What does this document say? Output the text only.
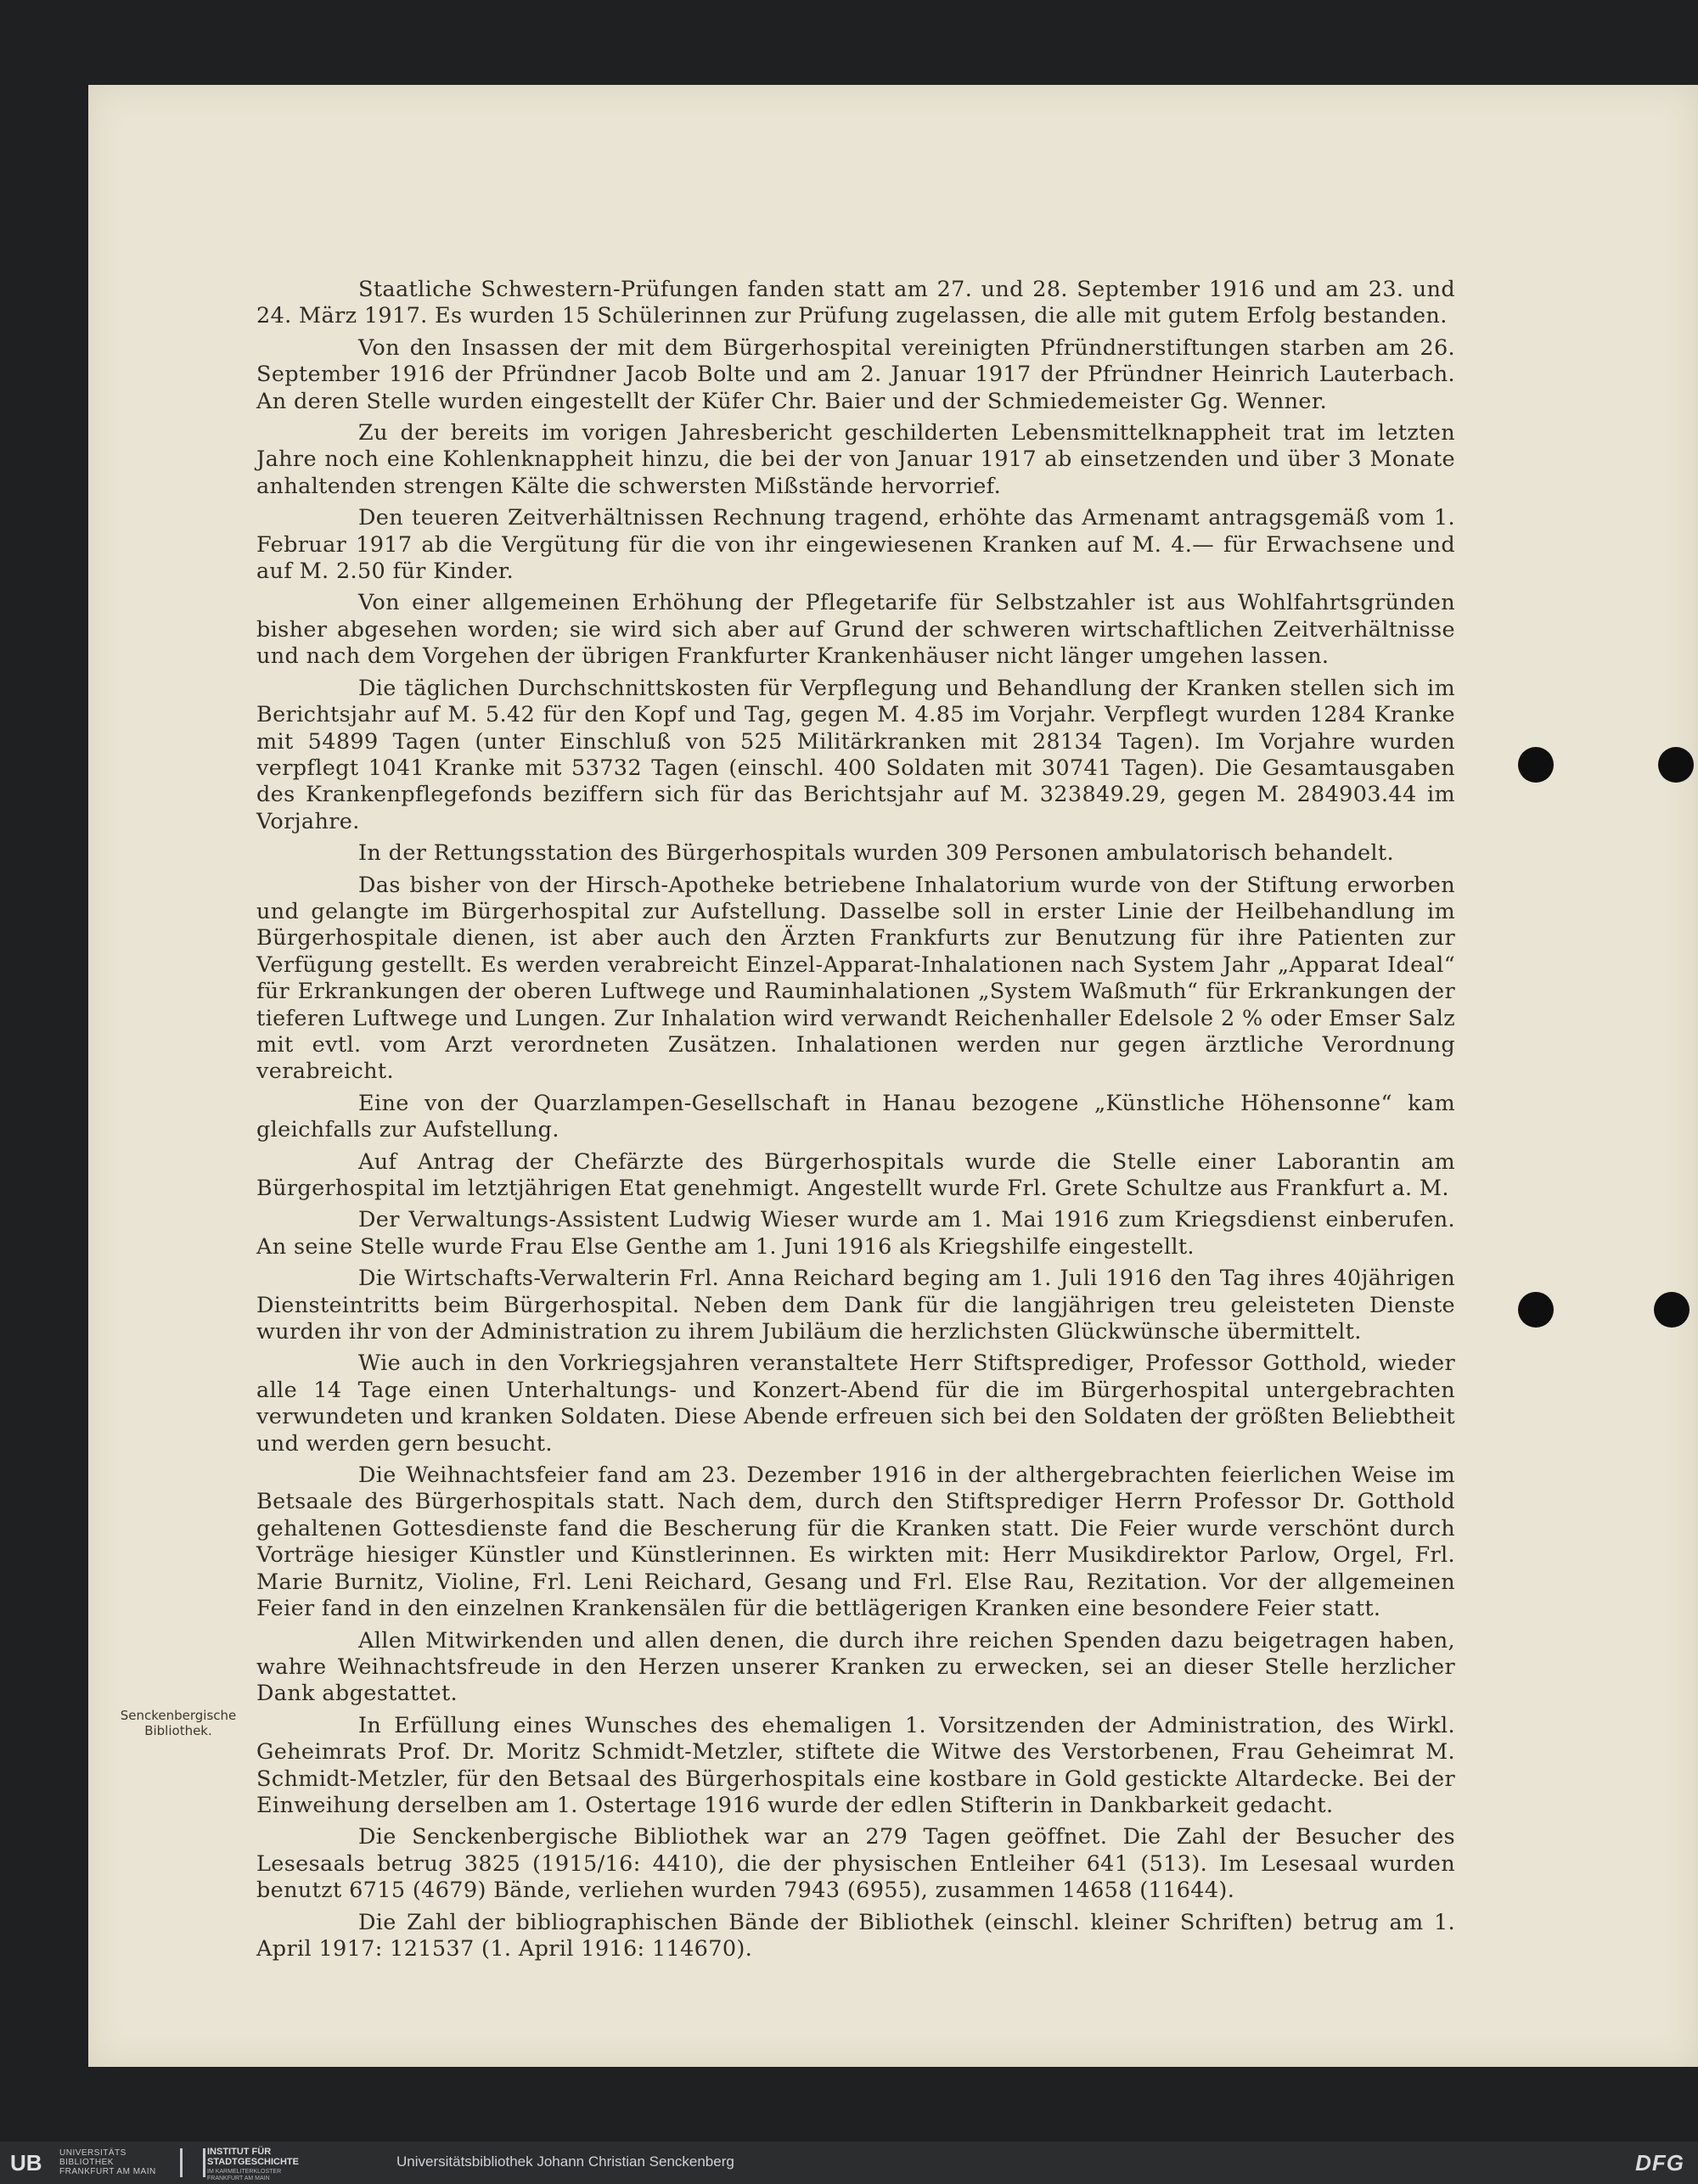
Staatliche Schwestern-Prüfungen fanden statt am 27. und 28. September 1916 und am 23. und 24. März 1917. Es wurden 15 Schülerinnen zur Prüfung zugelassen, die alle mit gutem Erfolg bestanden.

Von den Insassen der mit dem Bürgerhospital vereinigten Pfründnerstiftungen starben am 26. September 1916 der Pfründner Jacob Bolte und am 2. Januar 1917 der Pfründner Heinrich Lauterbach. An deren Stelle wurden eingestellt der Küfer Chr. Baier und der Schmiedemeister Gg. Wenner.

Zu der bereits im vorigen Jahresbericht geschilderten Lebensmittelknappheit trat im letzten Jahre noch eine Kohlenknappheit hinzu, die bei der von Januar 1917 ab einsetzenden und über 3 Monate anhaltenden strengen Kälte die schwersten Mißstände hervorrief.

Den teueren Zeitverhältnissen Rechnung tragend, erhöhte das Armenamt antragsgemäß vom 1. Februar 1917 ab die Vergütung für die von ihr eingewiesenen Kranken auf M. 4.— für Erwachsene und auf M. 2.50 für Kinder.

Von einer allgemeinen Erhöhung der Pflegetarife für Selbstzahler ist aus Wohlfahrtsgründen bisher abgesehen worden; sie wird sich aber auf Grund der schweren wirtschaftlichen Zeitverhältnisse und nach dem Vorgehen der übrigen Frankfurter Krankenhäuser nicht länger umgehen lassen.

Die täglichen Durchschnittskosten für Verpflegung und Behandlung der Kranken stellen sich im Berichtsjahr auf M. 5.42 für den Kopf und Tag, gegen M. 4.85 im Vorjahr. Verpflegt wurden 1284 Kranke mit 54899 Tagen (unter Einschluß von 525 Militärkranken mit 28134 Tagen). Im Vorjahre wurden verpflegt 1041 Kranke mit 53732 Tagen (einschl. 400 Soldaten mit 30741 Tagen). Die Gesamtausgaben des Krankenpflegefonds beziffern sich für das Berichtsjahr auf M. 323849.29, gegen M. 284903.44 im Vorjahre.

In der Rettungsstation des Bürgerhospitals wurden 309 Personen ambulatorisch behandelt.

Das bisher von der Hirsch-Apotheke betriebene Inhalatorium wurde von der Stiftung erworben und gelangte im Bürgerhospital zur Aufstellung. Dasselbe soll in erster Linie der Heilbehandlung im Bürgerhospitale dienen, ist aber auch den Ärzten Frankfurts zur Benutzung für ihre Patienten zur Verfügung gestellt. Es werden verabreicht Einzel-Apparat-Inhalationen nach System Jahr „Apparat Ideal“ für Erkrankungen der oberen Luftwege und Rauminhalationen „System Waßmuth“ für Erkrankungen der tieferen Luftwege und Lungen. Zur Inhalation wird verwandt Reichenhaller Edelsole 2 % oder Emser Salz mit evtl. vom Arzt verordneten Zusätzen. Inhalationen werden nur gegen ärztliche Verordnung verabreicht.

Eine von der Quarzlampen-Gesellschaft in Hanau bezogene „Künstliche Höhensonne“ kam gleichfalls zur Aufstellung.

Auf Antrag der Chefärzte des Bürgerhospitals wurde die Stelle einer Laborantin am Bürgerhospital im letztjährigen Etat genehmigt. Angestellt wurde Frl. Grete Schultze aus Frankfurt a. M.

Der Verwaltungs-Assistent Ludwig Wieser wurde am 1. Mai 1916 zum Kriegsdienst einberufen. An seine Stelle wurde Frau Else Genthe am 1. Juni 1916 als Kriegshilfe eingestellt.

Die Wirtschafts-Verwalterin Frl. Anna Reichard beging am 1. Juli 1916 den Tag ihres 40jährigen Diensteintritts beim Bürgerhospital. Neben dem Dank für die langjährigen treu geleisteten Dienste wurden ihr von der Administration zu ihrem Jubiläum die herzlichsten Glückwünsche übermittelt.

Wie auch in den Vorkriegsjahren veranstaltete Herr Stiftsprediger, Professor Gotthold, wieder alle 14 Tage einen Unterhaltungs- und Konzert-Abend für die im Bürgerhospital untergebrachten verwundeten und kranken Soldaten. Diese Abende erfreuen sich bei den Soldaten der größten Beliebtheit und werden gern besucht.

Die Weihnachtsfeier fand am 23. Dezember 1916 in der althergebrachten feierlichen Weise im Betsaale des Bürgerhospitals statt. Nach dem, durch den Stiftsprediger Herrn Professor Dr. Gotthold gehaltenen Gottesdienste fand die Bescherung für die Kranken statt. Die Feier wurde verschönt durch Vorträge hiesiger Künstler und Künstlerinnen. Es wirkten mit: Herr Musikdirektor Parlow, Orgel, Frl. Marie Burnitz, Violine, Frl. Leni Reichard, Gesang und Frl. Else Rau, Rezitation. Vor der allgemeinen Feier fand in den einzelnen Krankensälen für die bettlägerigen Kranken eine besondere Feier statt.

Allen Mitwirkenden und allen denen, die durch ihre reichen Spenden dazu beigetragen haben, wahre Weihnachtsfreude in den Herzen unserer Kranken zu erwecken, sei an dieser Stelle herzlicher Dank abgestattet.

In Erfüllung eines Wunsches des ehemaligen 1. Vorsitzenden der Administration, des Wirkl. Geheimrats Prof. Dr. Moritz Schmidt-Metzler, stiftete die Witwe des Verstorbenen, Frau Geheimrat M. Schmidt-Metzler, für den Betsaal des Bürgerhospitals eine kostbare in Gold gestickte Altardecke. Bei der Einweihung derselben am 1. Ostertage 1916 wurde der edlen Stifterin in Dankbarkeit gedacht.

Die Senckenbergische Bibliothek war an 279 Tagen geöffnet. Die Zahl der Besucher des Lesesaals betrug 3825 (1915/16: 4410), die der physischen Entleiher 641 (513). Im Lesesaal wurden benutzt 6715 (4679) Bände, verliehen wurden 7943 (6955), zusammen 14658 (11644).

Die Zahl der bibliographischen Bände der Bibliothek (einschl. kleiner Schriften) betrug am 1. April 1917: 121537 (1. April 1916: 114670).

Senckenbergische
Bibliothek.
UB UNIVERSITÄTS
BIBLIOTHEK
FRANKFURT AM MAIN
INSTITUT FÜR
STADTGESCHICHTE
IM KARMELITERKLOSTER
FRANKFURT AM MAIN
Universitätsbibliothek Johann Christian Senckenberg	DFG
